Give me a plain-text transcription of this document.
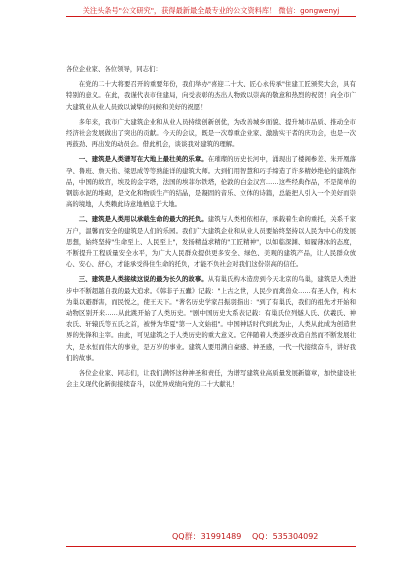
关注头条号"公文研究"，获得最新最全最专业的公文资料库！ 微信：gongwenyj

各位企业家、各位领导，同志们：

在党的二十大将要召开的重要年份，我们举办"喜迎二十大、匠心永传承"住建工匠颁奖大会，具有特别的意义。在此，我谨代表市住建局，向受表彰的杰出人物致以崇高的敬意和热烈的祝贺！向全市广大建筑业从业人员致以诚挚的问候和美好的祝愿！

多年来，我市广大建筑企业和从业人员持续创新创优，为改善城乡面貌、提升城市品质、推动全市经济社会发展做出了突出的贡献。今天的会议，既是一次尊重企业家、激励实干者的庆功会，也是一次再鼓劲、再出发的动员会。借此机会，谈谈我对建筑的理解。

一、建筑是人类谱写在大地上最壮美的乐章。在璀璨的历史长河中，涌现出了楼阁参差、朱开凰落孕、鲁班、詹天佑、梁思成等等熟能详的建筑大师。大到们用智慧和巧手缔造了许多精妙绝伦的建筑作品，中国的故宫，埃及的金字塔，法国的埃菲尔铁塔，伦敦的白金汉宫……这些经典作品，不是简单的钢筋水泥的堆砌，是文化和物质生产的结晶，是凝固的音乐、立体的诗篇，总能把人引入一个美好而崇高的境地，人类赖此诗意地栖息于大地。

二、建筑是人类用以承载生命的最大的托负。建筑与人类相依相存，承载着生命的重托，关系千家万户，温馨而安全的建筑是人们的乐园。我们广大建筑企业和从业人员要始终坚持以人民为中心的发展思想，始终坚持"生命至上、人民至上"，发扬精益求精的"工匠精神"，以如临深渊、如履薄冰的态度，不断提升工程质量安全水平，为广大人民群众提供更多安全、绿色、美观的建筑产品，让人民群众放心、安心、舒心，才能承受得住生命的托负，才能不负社会对我们这份崇高的信任。

三、建筑是人类接续这说的最为长久的故事。从有巢氏构木造房到今天北京的鸟巢，建筑是人类进步中不断超越自我的最大追求。《韩非子五蠹》记载："上古之世，人民少而禽兽众……有圣人作，构木为巢以避群害，而民悦之，使王天下。"著名历史学家吕振羽指出："到了有巢氏，我们的祖先才开始和动物区别开来……从此跳开始了人类历史。"剧中国历史大系表记载：有巢氏位列燧人氏、伏羲氏、神农氏、轩辕氏等五氏之首，被誉为华夏"第一人文始祖"。中国神话时代到此为止，人类从此成为创造世界的先锋和主宰。由此，可见建筑之于人类历史的重大意义。它伴随着人类逐步改造自然而不断发展壮大，是永恒而伟大的事业，是万岁的事业。建筑人要用满自豪感、神圣感，一代一代接续奋斗，讲好我们的故事。

各位企业家、同志们，让我们满怀这种神圣和责任，为谱写建筑业高质量发展新篇章，加快建设社会主义现代化新街接续奋斗，以优异成绩向党的二十大献礼！

QQ群：31991489 QQ：535304092
